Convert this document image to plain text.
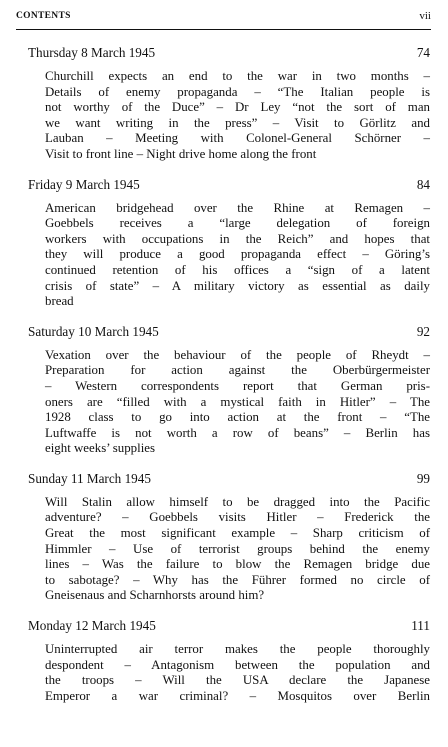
CONTENTS	vii
Thursday 8 March 1945	74
Churchill expects an end to the war in two months –
Details of enemy propaganda – “The Italian people is
not worthy of the Duce” – Dr Ley “not the sort of man
we want writing in the press” – Visit to Görlitz and
Lauban – Meeting with Colonel-General Schörner –
Visit to front line – Night drive home along the front
Friday 9 March 1945	84
American bridgehead over the Rhine at Remagen –
Goebbels receives a “large delegation of foreign
workers with occupations in the Reich” and hopes that
they will produce a good propaganda effect – Göring’s
continued retention of his offices a “sign of a latent
crisis of state” – A military victory as essential as daily
bread
Saturday 10 March 1945	92
Vexation over the behaviour of the people of Rheydt –
Preparation for action against the Oberbürgermeister
– Western correspondents report that German pris-
oners are “filled with a mystical faith in Hitler” – The
1928 class to go into action at the front – “The
Luftwaffe is not worth a row of beans” – Berlin has
eight weeks’ supplies
Sunday 11 March 1945	99
Will Stalin allow himself to be dragged into the Pacific
adventure? – Goebbels visits Hitler – Frederick the
Great the most significant example – Sharp criticism of
Himmler – Use of terrorist groups behind the enemy
lines – Was the failure to blow the Remagen bridge due
to sabotage? – Why has the Führer formed no circle of
Gneisenaus and Scharnhorsts around him?
Monday 12 March 1945	111
Uninterrupted air terror makes the people thoroughly
despondent – Antagonism between the population and
the troops – Will the USA declare the Japanese
Emperor a war criminal? – Mosquitos over Berlin
